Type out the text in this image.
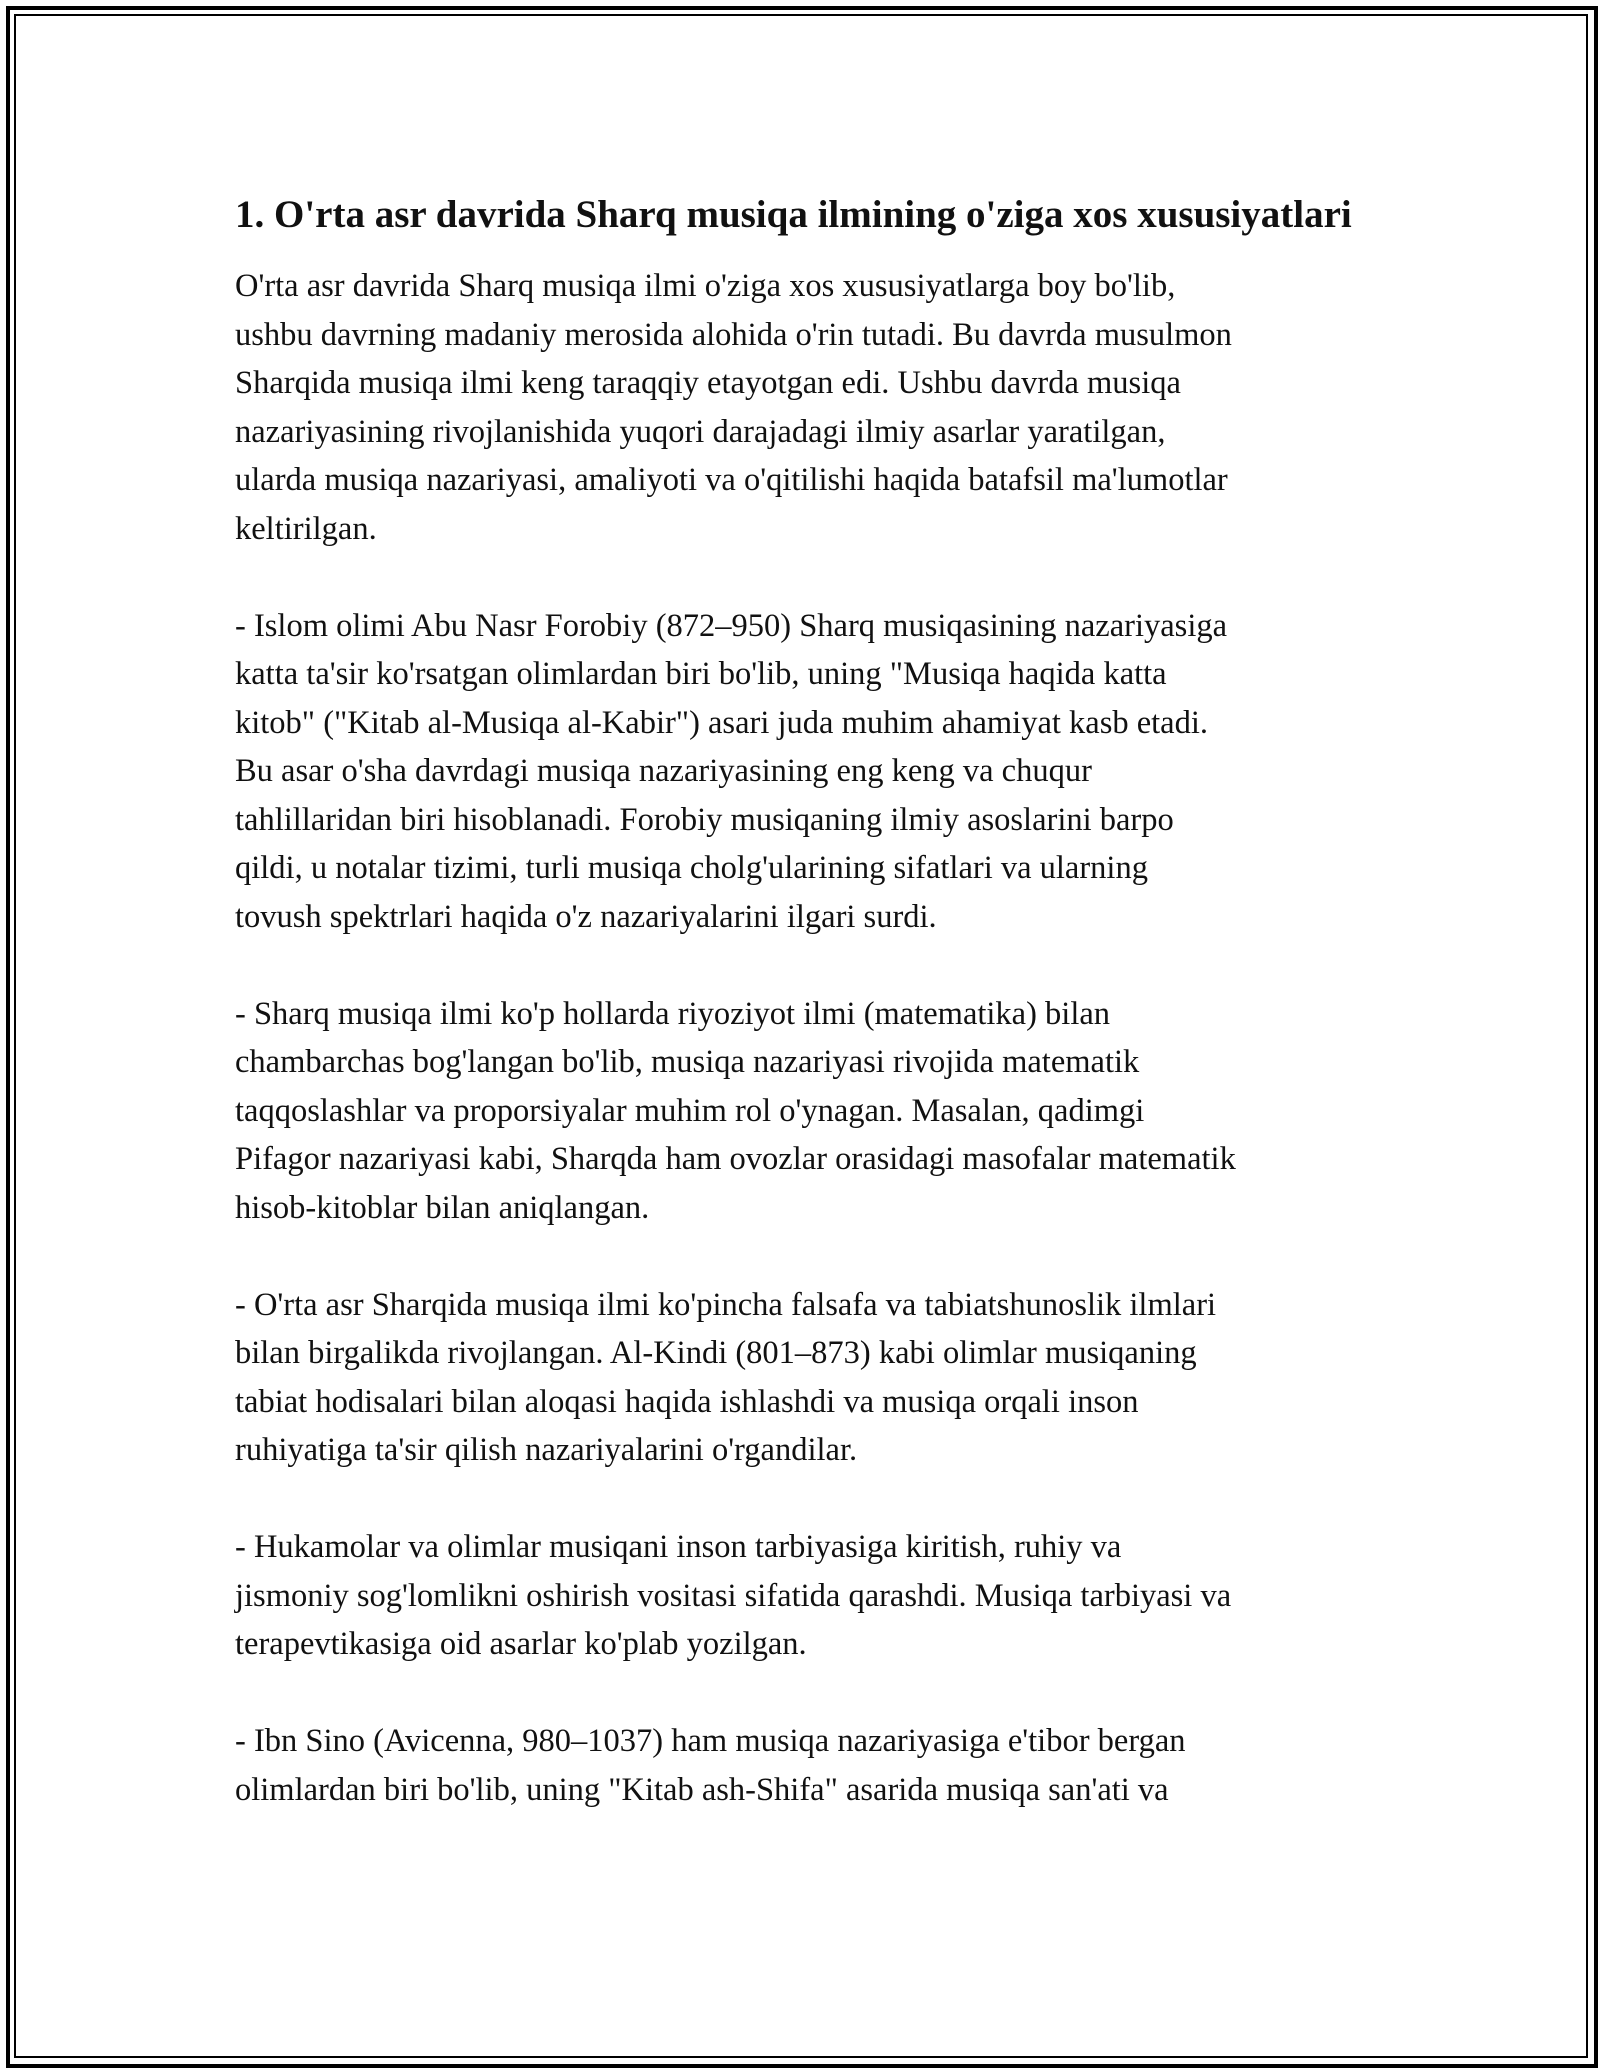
1. O'rta asr davrida Sharq musiqa ilmining o'ziga xos xususiyatlari

O'rta asr davrida Sharq musiqa ilmi o'ziga xos xususiyatlarga boy bo'lib,
ushbu davrning madaniy merosida alohida o'rin tutadi. Bu davrda musulmon
Sharqida musiqa ilmi keng taraqqiy etayotgan edi. Ushbu davrda musiqa
nazariyasining rivojlanishida yuqori darajadagi ilmiy asarlar yaratilgan,
ularda musiqa nazariyasi, amaliyoti va o'qitilishi haqida batafsil ma'lumotlar
keltirilgan.

- Islom olimi Abu Nasr Forobiy (872–950) Sharq musiqasining nazariyasiga
katta ta'sir ko'rsatgan olimlardan biri bo'lib, uning "Musiqa haqida katta
kitob" ("Kitab al-Musiqa al-Kabir") asari juda muhim ahamiyat kasb etadi.
Bu asar o'sha davrdagi musiqa nazariyasining eng keng va chuqur
tahlillaridan biri hisoblanadi. Forobiy musiqaning ilmiy asoslarini barpo
qildi, u notalar tizimi, turli musiqa cholg'ularining sifatlari va ularning
tovush spektrlari haqida o'z nazariyalarini ilgari surdi.

- Sharq musiqa ilmi ko'p hollarda riyoziyot ilmi (matematika) bilan
chambarchas bog'langan bo'lib, musiqa nazariyasi rivojida matematik
taqqoslashlar va proporsiyalar muhim rol o'ynagan. Masalan, qadimgi
Pifagor nazariyasi kabi, Sharqda ham ovozlar orasidagi masofalar matematik
hisob-kitoblar bilan aniqlangan.

- O'rta asr Sharqida musiqa ilmi ko'pincha falsafa va tabiatshunoslik ilmlari
bilan birgalikda rivojlangan. Al-Kindi (801–873) kabi olimlar musiqaning
tabiat hodisalari bilan aloqasi haqida ishlashdi va musiqa orqali inson
ruhiyatiga ta'sir qilish nazariyalarini o'rgandilar.

- Hukamolar va olimlar musiqani inson tarbiyasiga kiritish, ruhiy va
jismoniy sog'lomlikni oshirish vositasi sifatida qarashdi. Musiqa tarbiyasi va
terapevtikasiga oid asarlar ko'plab yozilgan.

- Ibn Sino (Avicenna, 980–1037) ham musiqa nazariyasiga e'tibor bergan
olimlardan biri bo'lib, uning "Kitab ash-Shifa" asarida musiqa san'ati va
